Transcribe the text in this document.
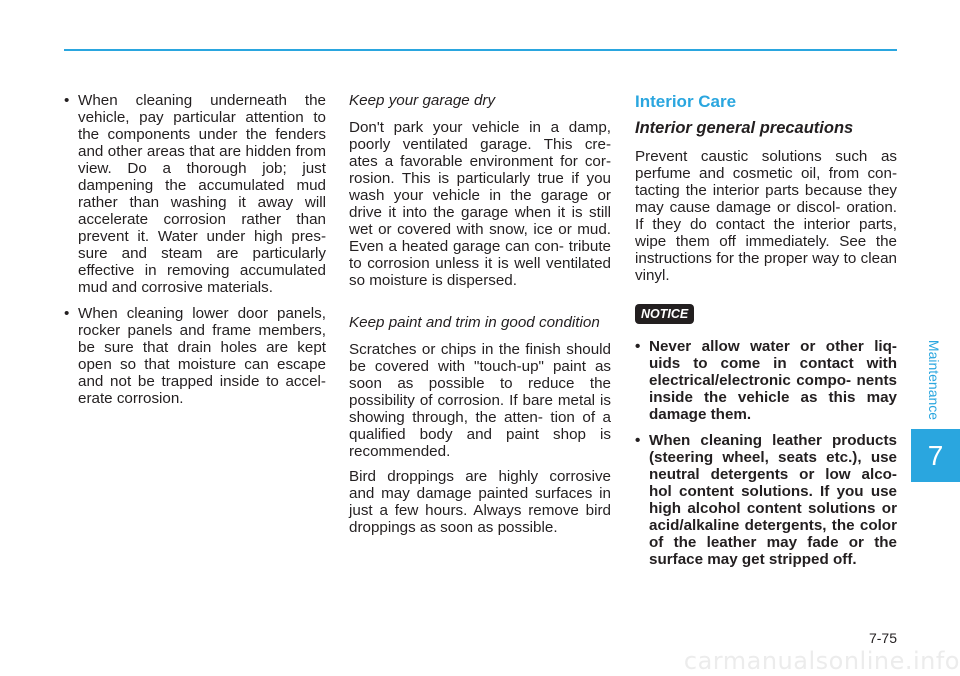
• When cleaning underneath the vehicle, pay particular attention to the components under the fenders and other areas that are hidden from view. Do a thorough job; just dampening the accumulated mud rather than washing it away will accelerate corrosion rather than prevent it. Water under high pres- sure and steam are particularly effective in removing accumulated mud and corrosive materials.
• When cleaning lower door panels, rocker panels and frame members, be sure that drain holes are kept open so that moisture can escape and not be trapped inside to accel- erate corrosion.
Keep your garage dry

Don't park your vehicle in a damp, poorly ventilated garage. This cre- ates a favorable environment for cor- rosion. This is particularly true if you wash your vehicle in the garage or drive it into the garage when it is still wet or covered with snow, ice or mud. Even a heated garage can con- tribute to corrosion unless it is well ventilated so moisture is dispersed.

Keep paint and trim in good condition

Scratches or chips in the finish should be covered with "touch-up" paint as soon as possible to reduce the possibility of corrosion. If bare metal is showing through, the atten- tion of a qualified body and paint shop is recommended.

Bird droppings are highly corrosive and may damage painted surfaces in just a few hours. Always remove bird droppings as soon as possible.

Interior Care
Interior general precautions

Prevent caustic solutions such as perfume and cosmetic oil, from con- tacting the interior parts because they may cause damage or discol- oration. If they do contact the interior parts, wipe them off immediately. See the instructions for the proper way to clean vinyl.

NOTICE
• Never allow water or other liq- uids to come in contact with electrical/electronic compo- nents inside the vehicle as this may damage them.
• When cleaning leather products (steering wheel, seats etc.), use neutral detergents or low alco- hol content solutions. If you use high alcohol content solutions or acid/alkaline detergents, the color of the leather may fade or the surface may get stripped off.
Maintenance
7
7-75
carmanualsonline.info
